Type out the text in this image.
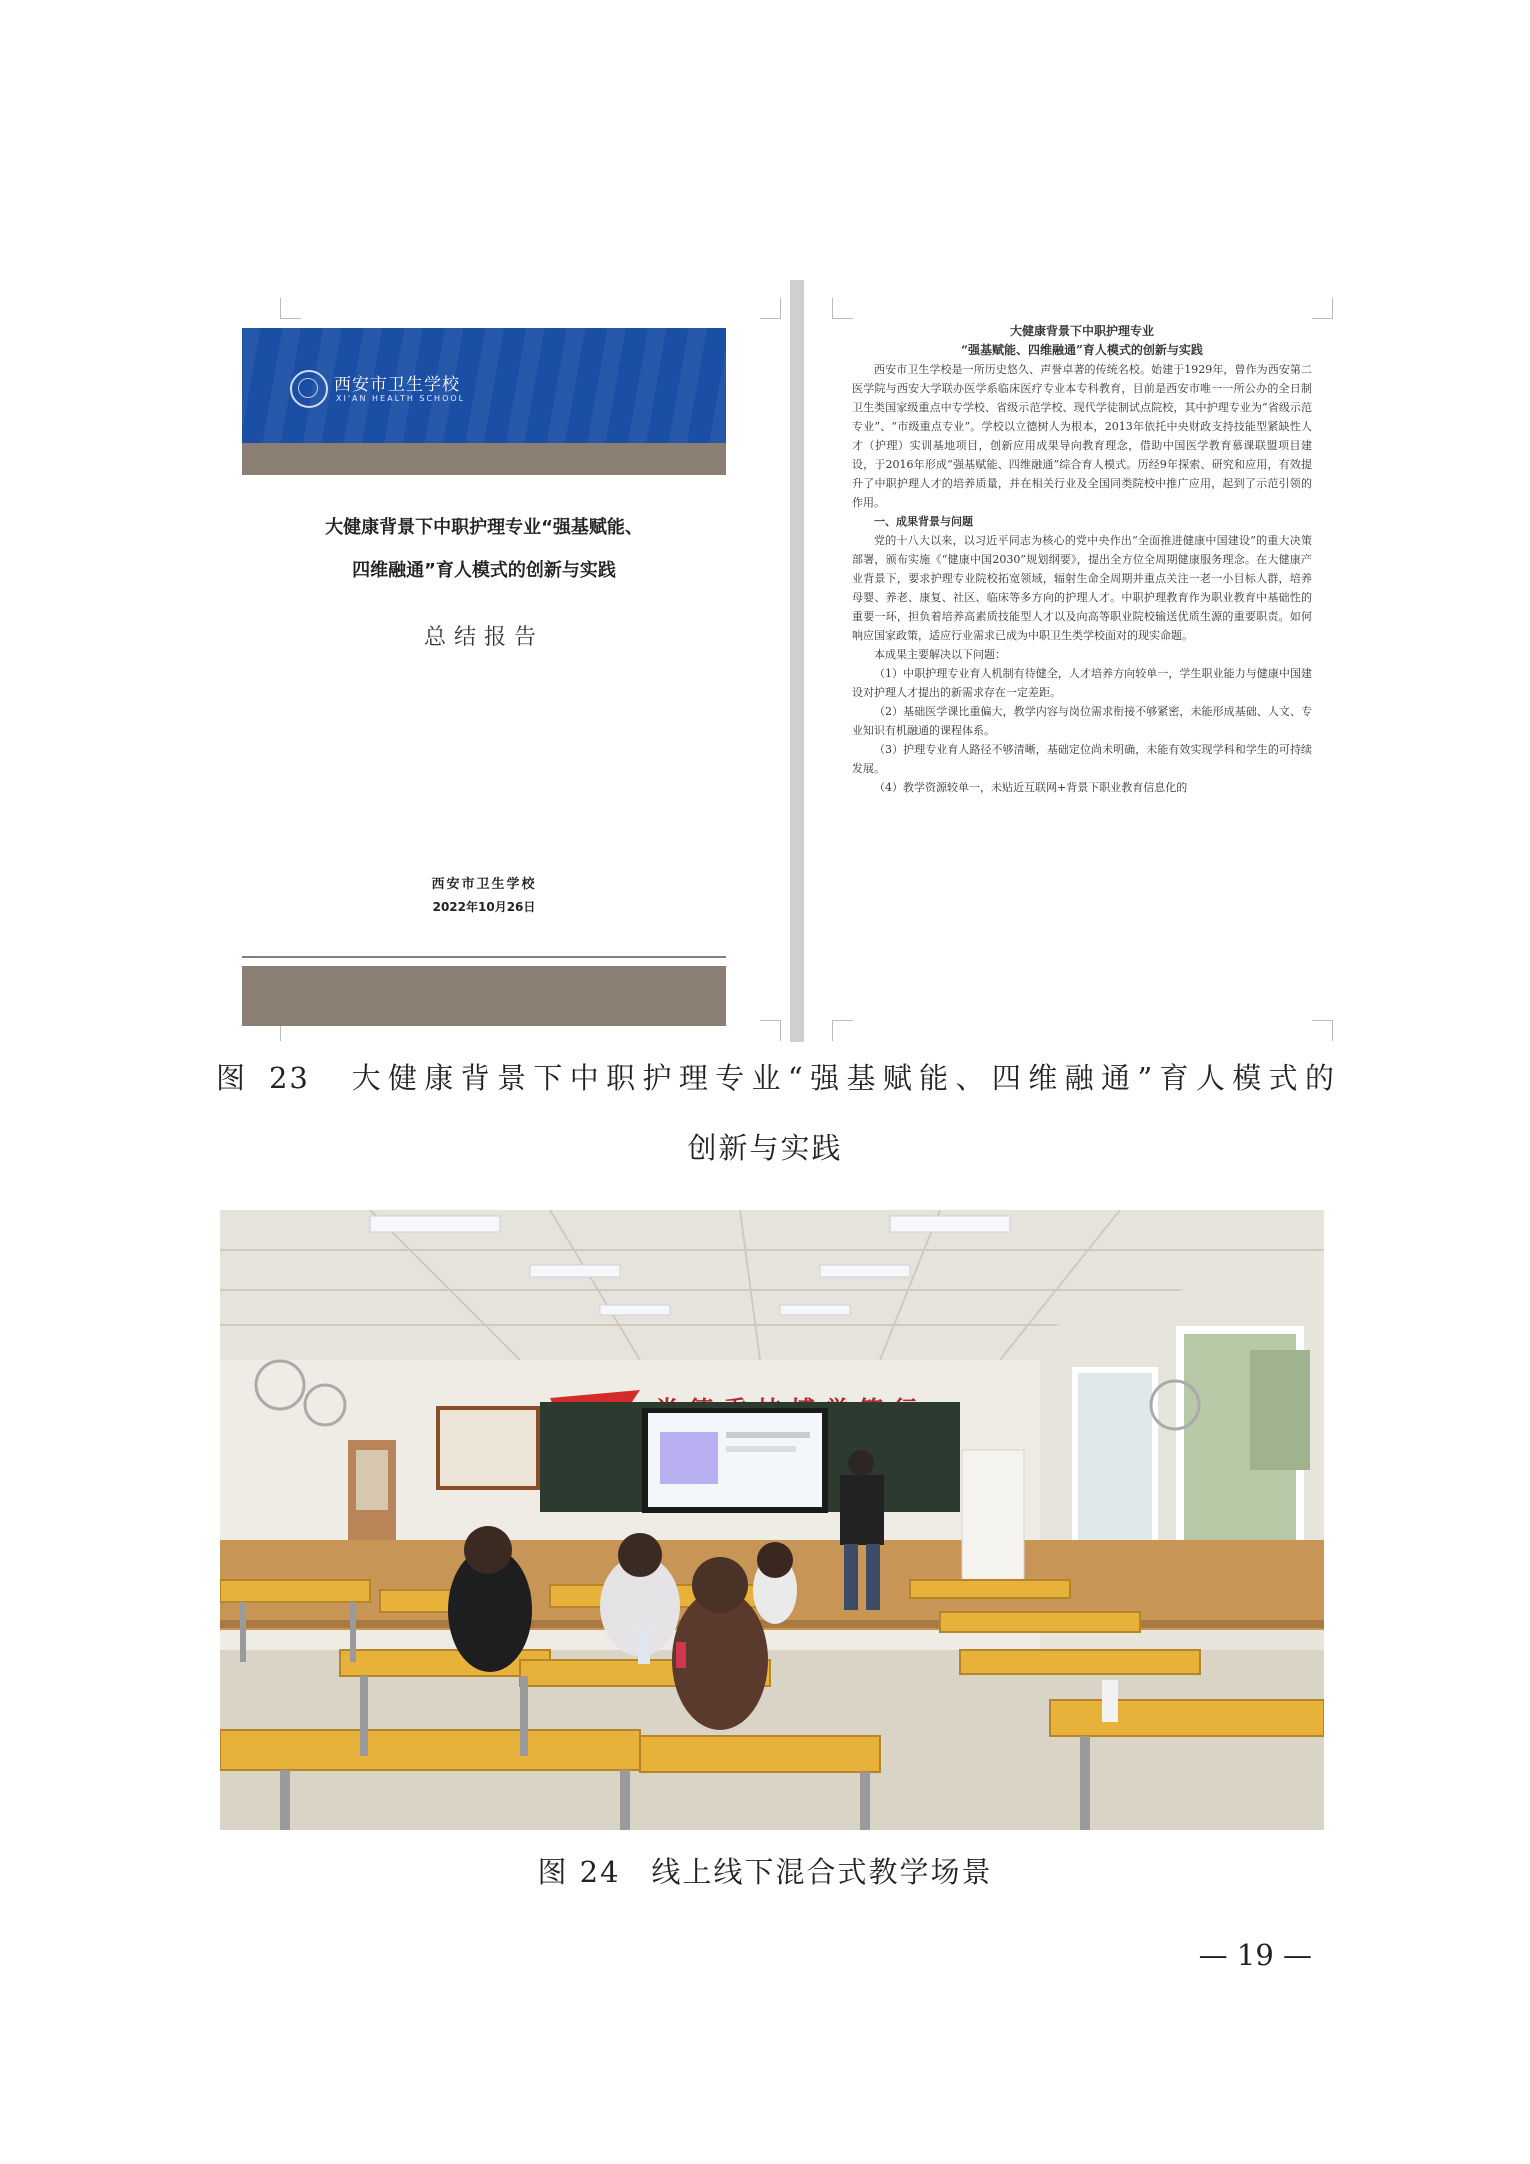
西安市卫生学校
XI'AN HEALTH SCHOOL
大健康背景下中职护理专业“强基赋能、
四维融通”育人模式的创新与实践
总结报告
西安市卫生学校
2022年10月26日
大健康背景下中职护理专业
“强基赋能、四维融通”育人模式的创新与实践

西安市卫生学校是一所历史悠久、声誉卓著的传统名校。始建于1929年，曾作为西安第二医学院与西安大学联办医学系临床医疗专业本专科教育，目前是西安市唯一一所公办的全日制卫生类国家级重点中专学校、省级示范学校、现代学徒制试点院校，其中护理专业为“省级示范专业”、“市级重点专业”。学校以立德树人为根本，2013年依托中央财政支持技能型紧缺性人才（护理）实训基地项目，创新应用成果导向教育理念，借助中国医学教育慕课联盟项目建设，于2016年形成“强基赋能、四维融通”综合育人模式。历经9年探索、研究和应用，有效提升了中职护理人才的培养质量，并在相关行业及全国同类院校中推广应用，起到了示范引领的作用。

一、成果背景与问题

党的十八大以来，以习近平同志为核心的党中央作出“全面推进健康中国建设”的重大决策部署，颁布实施《“健康中国2030”规划纲要》，提出全方位全周期健康服务理念。在大健康产业背景下，要求护理专业院校拓宽领域，辐射生命全周期并重点关注一老一小目标人群，培养母婴、养老、康复、社区、临床等多方向的护理人才。中职护理教育作为职业教育中基础性的重要一环，担负着培养高素质技能型人才以及向高等职业院校输送优质生源的重要职责。如何响应国家政策，适应行业需求已成为中职卫生类学校面对的现实命题。

本成果主要解决以下问题：

（1）中职护理专业育人机制有待健全，人才培养方向较单一，学生职业能力与健康中国建设对护理人才提出的新需求存在一定差距。

（2）基础医学课比重偏大，教学内容与岗位需求衔接不够紧密，未能形成基础、人文、专业知识有机融通的课程体系。

（3）护理专业育人路径不够清晰，基础定位尚未明确，未能有效实现学科和学生的可持续发展。

（4）教学资源较单一，未贴近互联网+背景下职业教育信息化的

图 23　大健康背景下中职护理专业“强基赋能、四维融通”育人模式的
创新与实践
图 24　线上线下混合式教学场景
— 19 —
